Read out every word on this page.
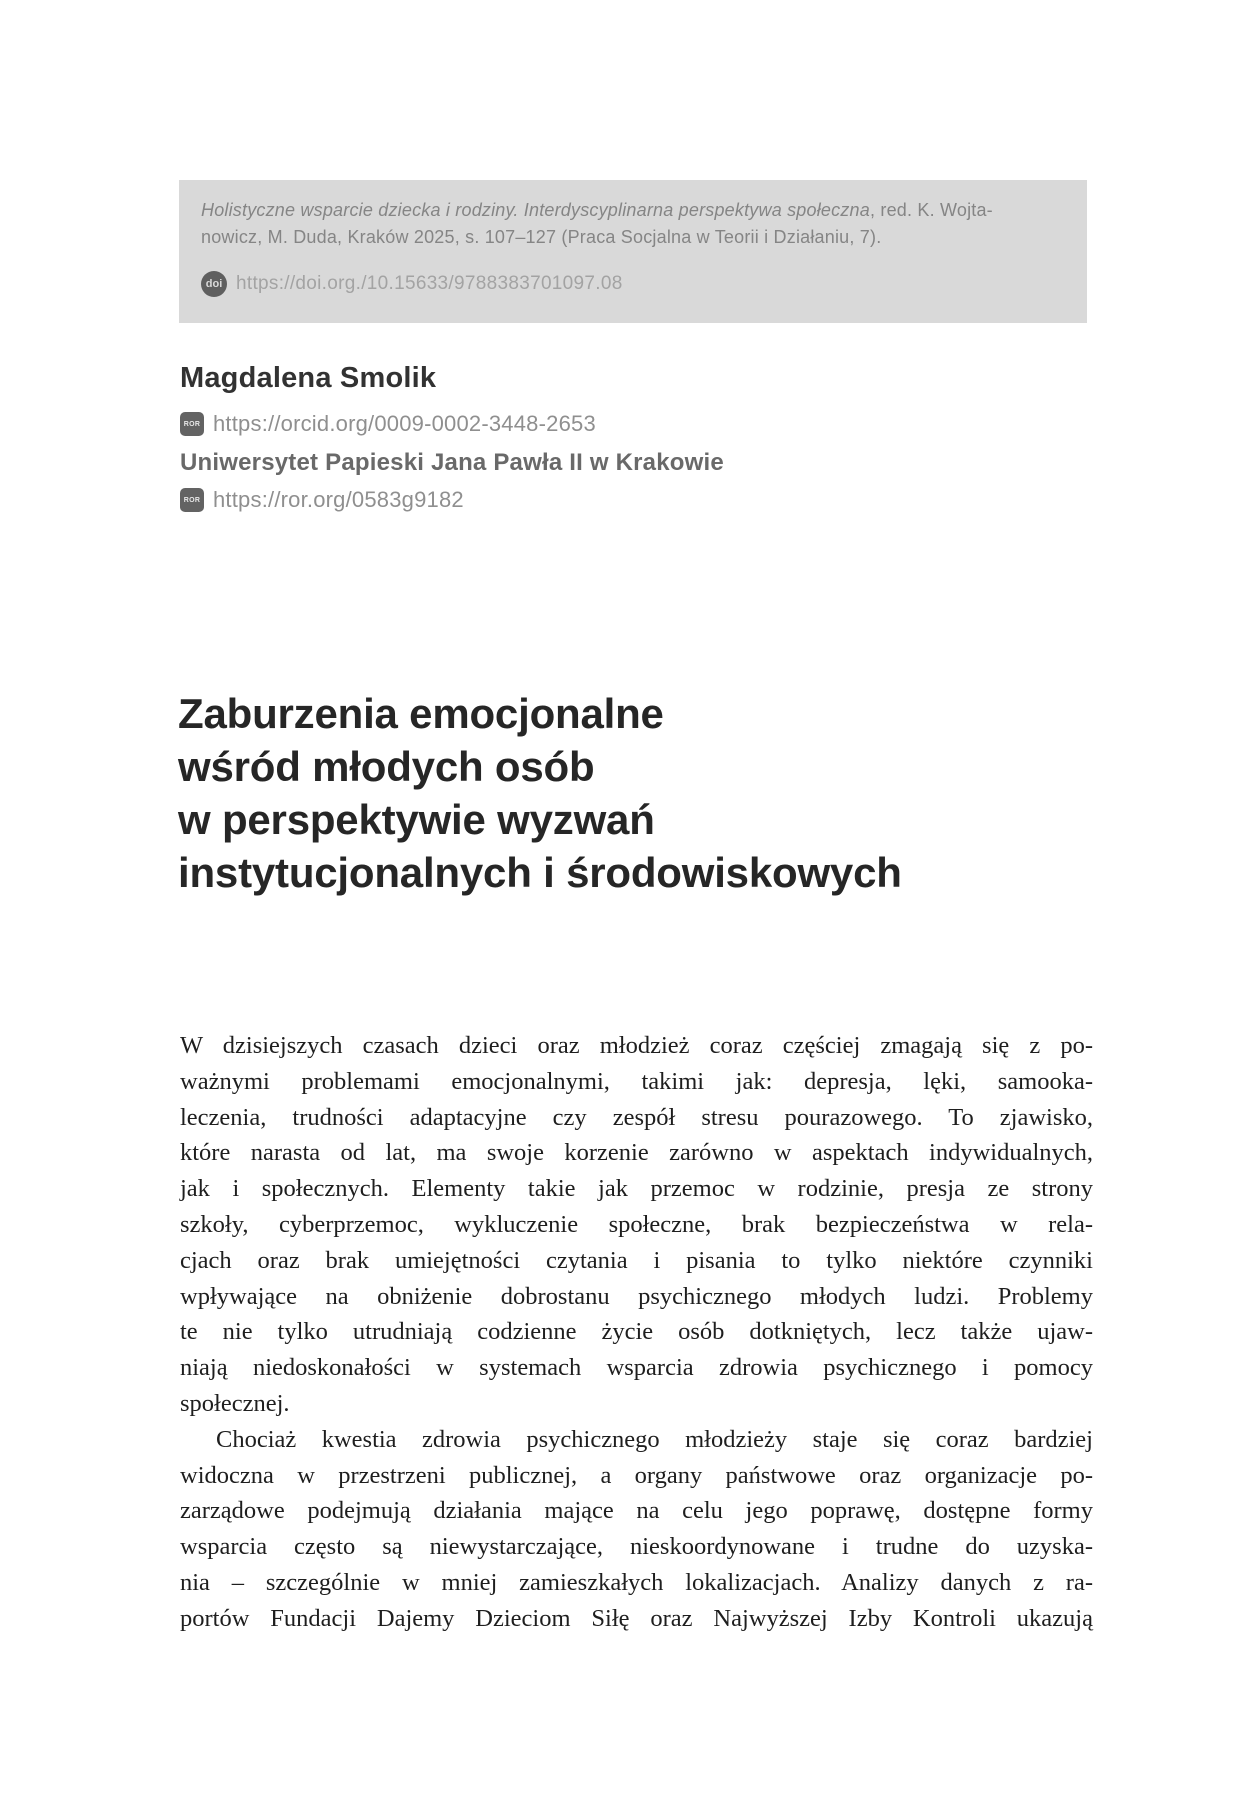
Holistyczne wsparcie dziecka i rodziny. Interdyscyplinarna perspektywa społeczna, red. K. Wojta-
nowicz, M. Duda, Kraków 2025, s. 107–127 (Praca Socjalna w Teorii i Działaniu, 7).
doi https://doi.org./10.15633/9788383701097.08
Magdalena Smolik
ROR https://orcid.org/0009-0002-3448-2653
Uniwersytet Papieski Jana Pawła II w Krakowie
ROR https://ror.org/0583g9182
Zaburzenia emocjonalne
wśród młodych osób
w perspektywie wyzwań
instytucjonalnych i środowiskowych
W dzisiejszych czasach dzieci oraz młodzież coraz częściej zmagają się z po-
ważnymi problemami emocjonalnymi, takimi jak: depresja, lęki, samooka-
leczenia, trudności adaptacyjne czy zespół stresu pourazowego. To zjawisko,
które narasta od lat, ma swoje korzenie zarówno w aspektach indywidualnych,
jak i społecznych. Elementy takie jak przemoc w rodzinie, presja ze strony
szkoły, cyberprzemoc, wykluczenie społeczne, brak bezpieczeństwa w rela-
cjach oraz brak umiejętności czytania i pisania to tylko niektóre czynniki
wpływające na obniżenie dobrostanu psychicznego młodych ludzi. Problemy
te nie tylko utrudniają codzienne życie osób dotkniętych, lecz także ujaw-
niają niedoskonałości w systemach wsparcia zdrowia psychicznego i pomocy
społecznej.
Chociaż kwestia zdrowia psychicznego młodzieży staje się coraz bardziej
widoczna w przestrzeni publicznej, a organy państwowe oraz organizacje po-
zarządowe podejmują działania mające na celu jego poprawę, dostępne formy
wsparcia często są niewystarczające, nieskoordynowane i trudne do uzyska-
nia – szczególnie w mniej zamieszkałych lokalizacjach. Analizy danych z ra-
portów Fundacji Dajemy Dzieciom Siłę oraz Najwyższej Izby Kontroli ukazują
